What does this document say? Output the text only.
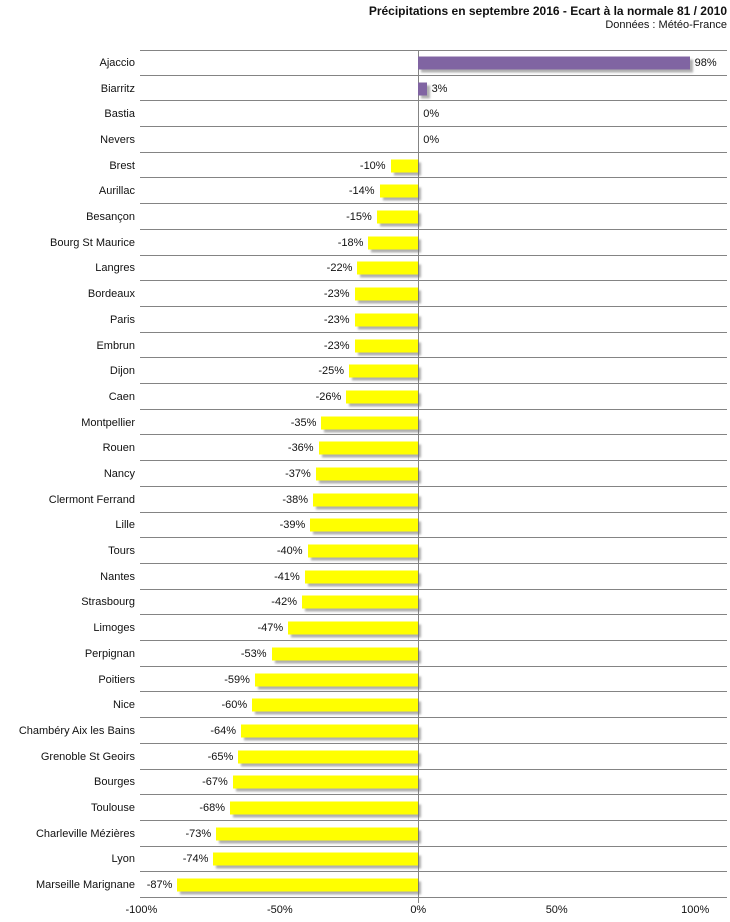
Précipitations en septembre 2016 - Ecart à la normale 81 / 2010
Données : Météo-France
Ajaccio	98%
Biarritz	3%
Bastia	0%
Nevers	0%
Brest	-10%
Aurillac	-14%
Besançon	-15%
Bourg St Maurice	-18%
Langres	-22%
Bordeaux	-23%
Paris	-23%
Embrun	-23%
Dijon	-25%
Caen	-26%
Montpellier	-35%
Rouen	-36%
Nancy	-37%
Clermont Ferrand	-38%
Lille	-39%
Tours	-40%
Nantes	-41%
Strasbourg	-42%
Limoges	-47%
Perpignan	-53%
Poitiers	-59%
Nice	-60%
Chambéry Aix les Bains	-64%
Grenoble St Geoirs	-65%
Bourges	-67%
Toulouse	-68%
Charleville Mézières	-73%
Lyon	-74%
Marseille Marignane -87%
-100%	-50%	0%	50%	100%
